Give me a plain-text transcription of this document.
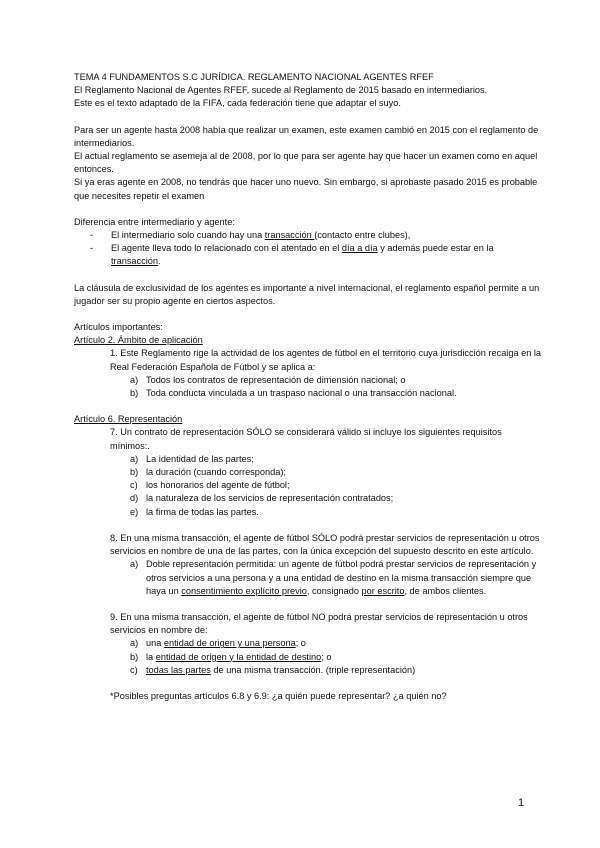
TEMA 4 FUNDAMENTOS S.C JURÍDICA. REGLAMENTO NACIONAL AGENTES RFEF

El Reglamento Nacional de Agentes RFEF, sucede al Reglamento de 2015 basado en intermediarios.

Este es el texto adaptado de la FIFA, cada federación tiene que adaptar el suyo.

Para ser un agente hasta 2008 había que realizar un examen, este examen cambió en 2015 con el reglamento de intermediarios.

El actual reglamento se asemeja al de 2008, por lo que para ser agente hay que hacer un examen como en aquel entonces.

Si ya eras agente en 2008, no tendrás que hacer uno nuevo. Sin embargo, si aprobaste pasado 2015 es probable que necesites repetir el examen

Diferencia entre intermediario y agente:

- El intermediario solo cuando hay una transacción (contacto entre clubes),
- El agente lleva todo lo relacionado con el atentado en el día a día y además puede estar en la transacción.

La cláusula de exclusividad de los agentes es importante a nivel internacional, el reglamento español permite a un jugador ser su propio agente en ciertos aspectos.

Artículos importantes:

Artículo 2. Ámbito de aplicación

1. Este Reglamento rige la actividad de los agentes de fútbol en el territorio cuya jurisdicción recaiga en la Real Federación Española de Fútbol y se aplica a:

a) Todos los contratos de representación de dimensión nacional; o
b) Toda conducta vinculada a un traspaso nacional o una transacción nacional.

Artículo 6. Representación

7. Un contrato de representación SÓLO se considerará válido si incluye los siguientes requisitos mínimos:.

a) La identidad de las partes;
b) la duración (cuando corresponda);
c) los honorarios del agente de fútbol;
d) la naturaleza de los servicios de representación contratados;
e) la firma de todas las partes.

8. En una misma transacción, el agente de fútbol SÓLO podrá prestar servicios de representación u otros servicios en nombre de una de las partes, con la única excepción del supuesto descrito en este artículo.

a) Doble representación permitida: un agente de fútbol podrá prestar servicios de representación y otros servicios a una persona y a una entidad de destino en la misma transacción siempre que haya un consentimiento explícito previo, consignado por escrito, de ambos clientes.

9. En una misma transacción, el agente de fútbol NO podrá prestar servicios de representación u otros servicios en nombre de:

a) una entidad de origen y una persona; o
b) la entidad de origen y la entidad de destino; o
c) todas las partes de una misma transacción. (triple representación)

*Posibles preguntas artículos 6.8 y 6.9: ¿a quién puede representar? ¿a quién no?

1
